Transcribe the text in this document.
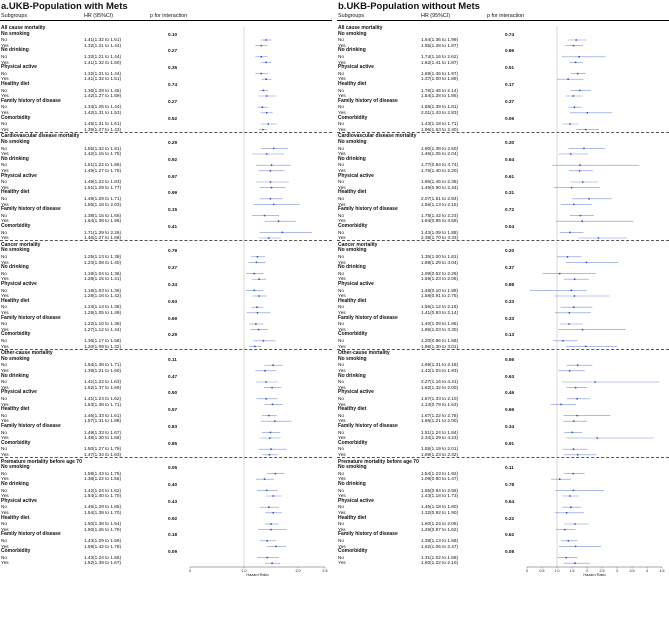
a.UKB-Population with Mets
Subgroups	HR (95%CI)	p for interaction
All cause mortality
No smoking	0.10
No	1.41(1.32 to 1.51)
Yes	1.32(1.21 to 1.44)
No drinking	0.27
No	1.32(1.21 to 1.44)
Yes	1.41(1.32 to 1.50)
Physical active	0.35
No	1.32(1.21 to 1.44)
Yes	1.41(1.32 to 1.51)
Healthy diet	0.74
No	1.36(1.29 to 1.45)
Yes	1.42(1.27 to 1.59)
Family history of disease	0.27
No	1.34(1.25 to 1.44)
Yes	1.42(1.31 to 1.53)
Comorbidity	0.52
No	1.45(1.31 to 1.61)
Yes	1.35(1.27 to 1.43)
Cardiovascular disease mortality
No smoking	0.29
No	1.55(1.32 to 1.81)
Yes	1.42(1.15 to 1.75)
No drinking	0.92
No	1.51(1.22 to 1.86)
Yes	1.49(1.27 to 1.75)
Physical active	0.97
No	1.49(1.22 to 1.83)
Yes	1.51(1.29 to 1.77)
Healthy diet	0.99
No	1.49(1.29 to 1.71)
Yes	1.55(1.18 to 2.03)
Family history of disease	0.15
No	1.38(1.15 to 1.65)
Yes	1.64(1.38 to 1.96)
Comorbidity	0.41
No	1.71(1.29 to 2.26)
Yes	1.46(1.27 to 1.68)
Cancer mortality
No smoking	0.78
No	1.25(1.13 to 1.39)
Yes	1.23(1.08 to 1.40)
No drinking	0.37
No	1.19(1.04 to 1.36)
Yes	1.28(1.15 to 1.41)
Physical active	0.34
No	1.19(1.03 to 1.36)
Yes	1.28(1.16 to 1.42)
Healthy diet	0.93
No	1.24(1.14 to 1.36)
Yes	1.25(1.05 to 1.49)
Family history of disease	0.69
No	1.22(1.10 to 1.36)
Yes	1.27(1.12 to 1.44)
Comorbidity	0.29
No	1.36(1.17 to 1.58)
Yes	1.20(1.09 to 1.32)
Other-cause mortality
No smoking	0.11
No	1.54(1.38 to 1.71)
Yes	1.39(1.21 to 1.60)
No drinking	0.47
No	1.41(1.22 to 1.63)
Yes	1.52(1.37 to 1.69)
Physical active	0.50
No	1.41(1.23 to 1.62)
Yes	1.53(1.38 to 1.71)
Healthy diet	0.57
No	1.46(1.33 to 1.61)
Yes	1.57(1.31 to 1.88)
Family history of disease	0.83
No	1.49(1.33 to 1.67)
Yes	1.48(1.30 to 1.68)
Comorbidity	0.85
No	1.50(1.27 to 1.79)
Yes	1.47(1.34 to 1.63)
Premature mortality before age 70
No smoking	0.05
No	1.58(1.43 to 1.75)
Yes	1.38(1.22 to 1.56)
No drinking	0.40
No	1.42(1.24 to 1.62)
Yes	1.54(1.40 to 1.70)
Physical active	0.43
No	1.46(1.29 to 1.65)
Yes	1.54(1.39 to 1.70)
Healthy diet	0.92
No	1.50(1.38 to 1.64)
Yes	1.50(1.26 to 1.79)
Family history of disease	0.18
No	1.43(1.29 to 1.59)
Yes	1.59(1.42 to 1.78)
Comorbidity	0.09
No	1.43(1.24 to 1.65)
Yes	1.52(1.39 to 1.67)
0	1.0	2.0	2.5
Hazard Ratio
b.UKB-Population without Mets
Subgroups	HR (95%CI)	p for interaction
All cause mortality
No smoking	0.74
No	1.64(1.36 to 1.99)
Yes	1.55(1.28 to 1.87)
No drinking	0.86
No	1.74(1.16 to 2.62)
Yes	1.62(1.41 to 1.87)
Physical active	0.51
No	1.69(1.46 to 1.97)
Yes	1.37(1.00 to 1.89)
Healthy diet	0.17
No	1.76(1.45 to 2.14)
Yes	1.54(1.28 to 1.86)
Family history of disease	0.37
No	1.58(1.38 to 1.81)
Yes	2.01(1.43 to 2.83)
Comorbidity	0.06
No	1.43(1.18 to 1.71)
Yes	1.96(1.63 to 2.40)
Cardiovascular disease mortality
No smoking	0.30
No	1.90(1.38 to 2.60)
Yes	1.46(1.05 to 2.04)
No drinking	0.64
No	1.77(0.84 to 3.74)
Yes	1.75(1.40 to 2.20)
Physical active	0.61
No	1.86(1.46 to 2.36)
Yes	1.49(0.90 to 2.44)
Healthy diet	0.31
No	2.07(1.51 to 2.84)
Yes	1.56(1.13 to 2.15)
Family history of disease	0.72
No	1.78(1.42 to 2.23)
Yes	1.84(0.95 to 3.55)
Comorbidity	0.04
No	1.43(1.09 to 1.88)
Yes	2.38(1.70 to 3.33)
Cancer mortality
No smoking	0.20
No	1.35(1.00 to 1.81)
Yes	1.98(1.29 to 3.04)
No drinking	0.37
No	1.09(0.52 to 2.29)
Yes	1.59(1.23 to 2.06)
Physical active	0.88
No	1.48(0.10 to 1.99)
Yes	1.58(0.91 to 2.75)
Healthy diet	0.33
No	1.56(1.12 to 2.18)
Yes	1.41(0.93 to 2.14)
Family history of disease	0.33
No	1.40(1.09 to 1.86)
Yes	1.85(1.03 to 3.30)
Comorbidity	0.13
No	1.20(0.86 to 1.68)
Yes	1.96(1.30 to 3.01)
Other-cause mortality
No smoking	0.56
No	1.69(1.31 to 2.18)
Yes	1.42(1.04 to 1.93)
No drinking	0.63
No	2.27(1.16 to 4.41)
Yes	1.62(1.32 to 2.00)
Physical active	0.46
No	1.67(1.33 to 2.10)
Yes	1.13(0.79 to 1.63)
Healthy diet	0.66
No	1.67(1.22 to 2.78)
Yes	1.56(1.21 to 2.00)
Family history of disease	0.34
No	1.51(1.24 to 1.84)
Yes	2.34(1.29 to 4.23)
Comorbidity	0.91
No	1.55(1.19 to 2.01)
Yes	1.69(1.23 to 2.32)
Premature mortality before age 70
No smoking	0.11
No	1.54(1.23 to 1.92)
Yes	1.09(0.80 to 1.47)
No drinking	0.78
No	1.55(0.94 to 2.56)
Yes	1.43(1.18 to 1.73)
Physical active	0.64
No	1.46(1.18 to 1.80)
Yes	1.32(0.92 to 1.90)
Healthy diet	0.22
No	1.60(1.24 to 2.06)
Yes	1.26(0.97 to 1.62)
Family history of disease	0.62
No	1.38(1.13 to 1.68)
Yes	1.62(1.06 to 2.47)
Comorbidity	0.08
No	1.31(1.02 to 1.68)
Yes	1.60(1.22 to 2.10)
0	0.5	1.0	1.5	2	2.5	3	3.5	4	4.5
Hazard Ratio
